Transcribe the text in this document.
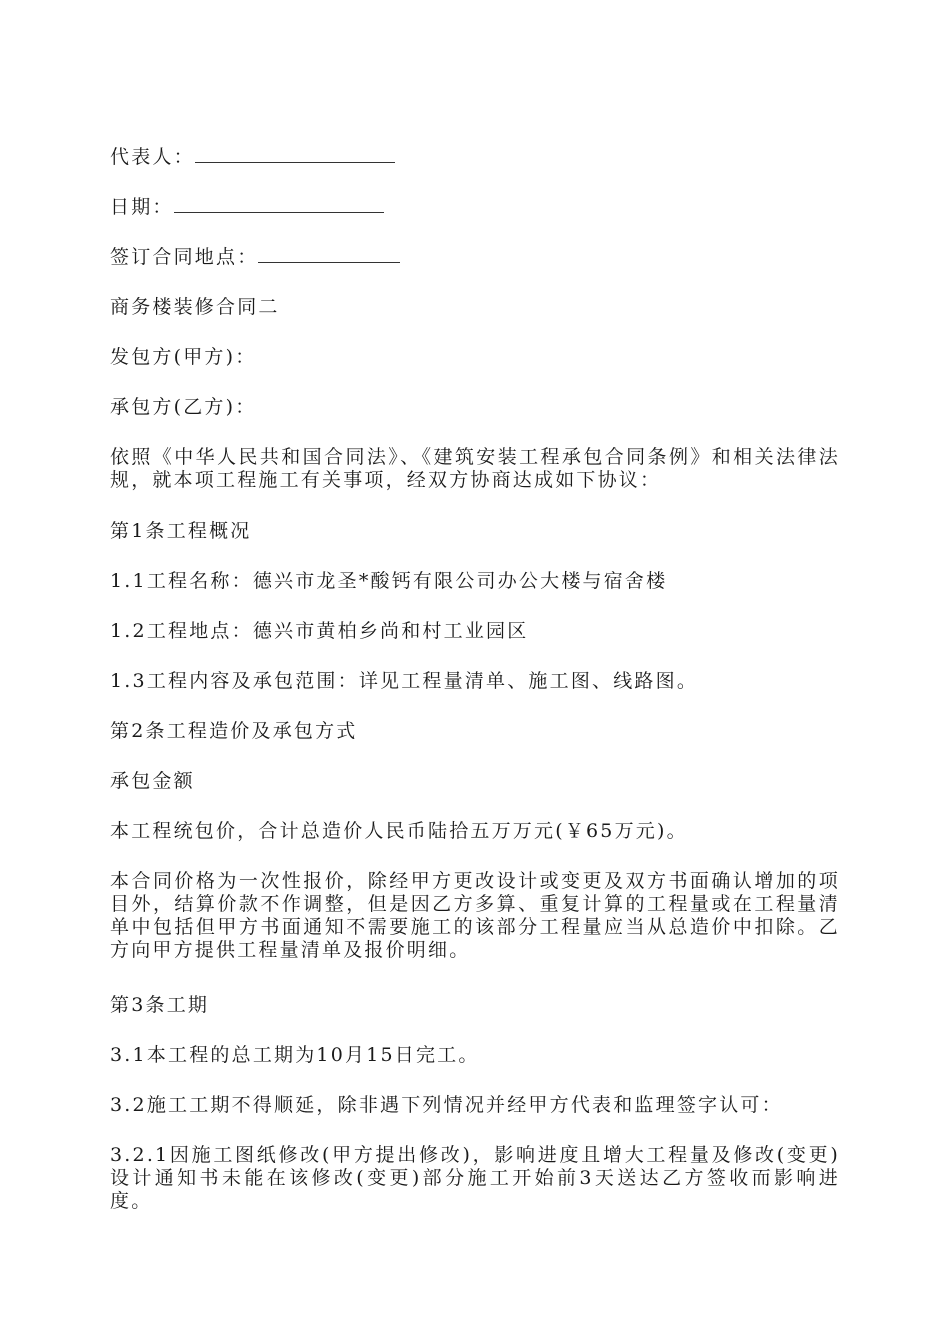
代表人：

日期：

签订合同地点：

商务楼装修合同二

发包方(甲方)：

承包方(乙方)：

依照《中华人民共和国合同法》、《建筑安装工程承包合同条例》和相关法律法规，就本项工程施工有关事项，经双方协商达成如下协议：

第1条工程概况

1.1工程名称：德兴市龙圣*酸钙有限公司办公大楼与宿舍楼

1.2工程地点：德兴市黄柏乡尚和村工业园区

1.3工程内容及承包范围：详见工程量清单、施工图、线路图。

第2条工程造价及承包方式

承包金额

本工程统包价，合计总造价人民币陆拾五万万元(￥65万元)。

本合同价格为一次性报价，除经甲方更改设计或变更及双方书面确认增加的项目外，结算价款不作调整，但是因乙方多算、重复计算的工程量或在工程量清单中包括但甲方书面通知不需要施工的该部分工程量应当从总造价中扣除。乙方向甲方提供工程量清单及报价明细。

第3条工期

3.1本工程的总工期为10月15日完工。

3.2施工工期不得顺延，除非遇下列情况并经甲方代表和监理签字认可：

3.2.1因施工图纸修改(甲方提出修改)，影响进度且增大工程量及修改(变更)设计通知书未能在该修改(变更)部分施工开始前3天送达乙方签收而影响进度。
